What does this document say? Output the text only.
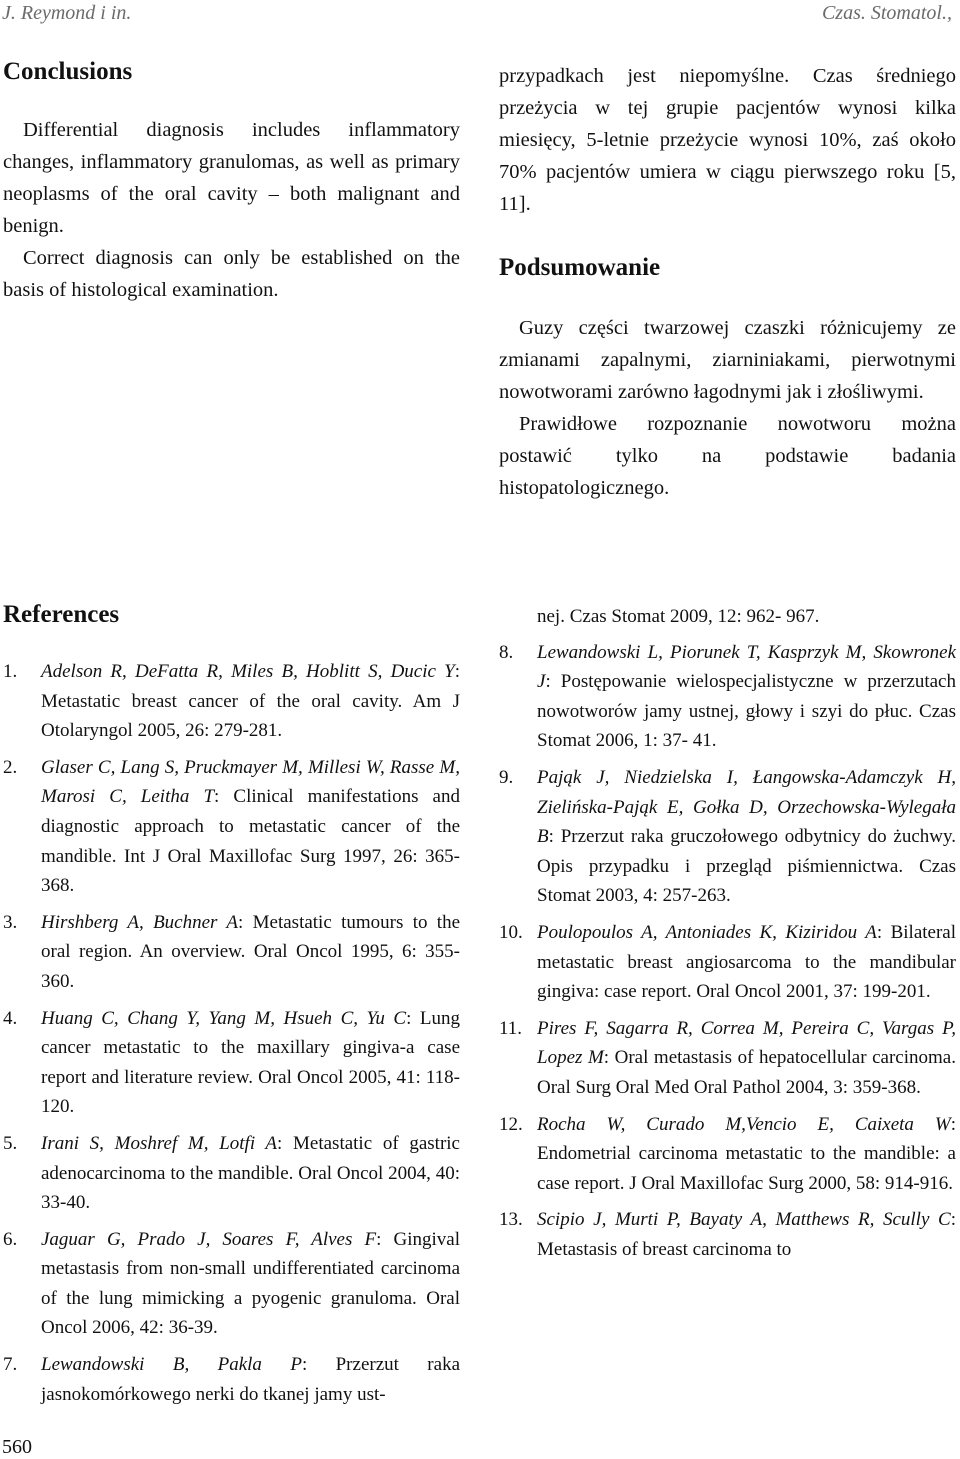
J. Reymond i in.	Czas. Stomatol.,
Conclusions

Differential diagnosis includes inflammatory changes, inflammatory granulomas, as well as primary neoplasms of the oral cavity – both malignant and benign.

Correct diagnosis can only be established on the basis of histological examination.

przypadkach jest niepomyślne. Czas średniego przeżycia w tej grupie pacjentów wynosi kilka miesięcy, 5-letnie przeżycie wynosi 10%, zaś około 70% pacjentów umiera w ciągu pierwszego roku [5, 11].

Podsumowanie

Guzy części twarzowej czaszki różnicujemy ze zmianami zapalnymi, ziarniniakami, pierwotnymi nowotworami zarówno łagodnymi jak i złośliwymi.

Prawidłowe rozpoznanie nowotworu można postawić tylko na podstawie badania histopatologicznego.

References
1. Adelson R, DeFatta R, Miles B, Hoblitt S, Ducic Y: Metastatic breast cancer of the oral cavity. Am J Otolaryngol 2005, 26: 279-281.
2. Glaser C, Lang S, Pruckmayer M, Millesi W, Rasse M, Marosi C, Leitha T: Clinical manifestations and diagnostic approach to metastatic cancer of the mandible. Int J Oral Maxillofac Surg 1997, 26: 365-368.
3. Hirshberg A, Buchner A: Metastatic tumours to the oral region. An overview. Oral Oncol 1995, 6: 355-360.
4. Huang C, Chang Y, Yang M, Hsueh C, Yu C: Lung cancer metastatic to the maxillary gingiva-a case report and literature review. Oral Oncol 2005, 41: 118-120.
5. Irani S, Moshref M, Lotfi A: Metastatic of gastric adenocarcinoma to the mandible. Oral Oncol 2004, 40: 33-40.
6. Jaguar G, Prado J, Soares F, Alves F: Gingival metastasis from non-small undifferentiated carcinoma of the lung mimicking a pyogenic granuloma. Oral Oncol 2006, 42: 36-39.
7. Lewandowski B, Pakla P: Przerzut raka jasnokomórkowego nerki do tkanej jamy ust-
nej. Czas Stomat 2009, 12: 962- 967.
8. Lewandowski L, Piorunek T, Kasprzyk M, Skowronek J: Postępowanie wielospecjalistyczne w przerzutach nowotworów jamy ustnej, głowy i szyi do płuc. Czas Stomat 2006, 1: 37- 41.
9. Pająk J, Niedzielska I, Łangowska-Adamczyk H, Zielińska-Pająk E, Gołka D, Orzechowska-Wylegała B: Przerzut raka gruczołowego odbytnicy do żuchwy. Opis przypadku i przegląd piśmiennictwa. Czas Stomat 2003, 4: 257-263.
10. Poulopoulos A, Antoniades K, Kiziridou A: Bilateral metastatic breast angiosarcoma to the mandibular gingiva: case report. Oral Oncol 2001, 37: 199-201.
11. Pires F, Sagarra R, Correa M, Pereira C, Vargas P, Lopez M: Oral metastasis of hepatocellular carcinoma. Oral Surg Oral Med Oral Pathol 2004, 3: 359-368.
12. Rocha W, Curado M,Vencio E, Caixeta W: Endometrial carcinoma metastatic to the mandible: a case report. J Oral Maxillofac Surg 2000, 58: 914-916.
13. Scipio J, Murti P, Bayaty A, Matthews R, Scully C: Metastasis of breast carcinoma to
560
